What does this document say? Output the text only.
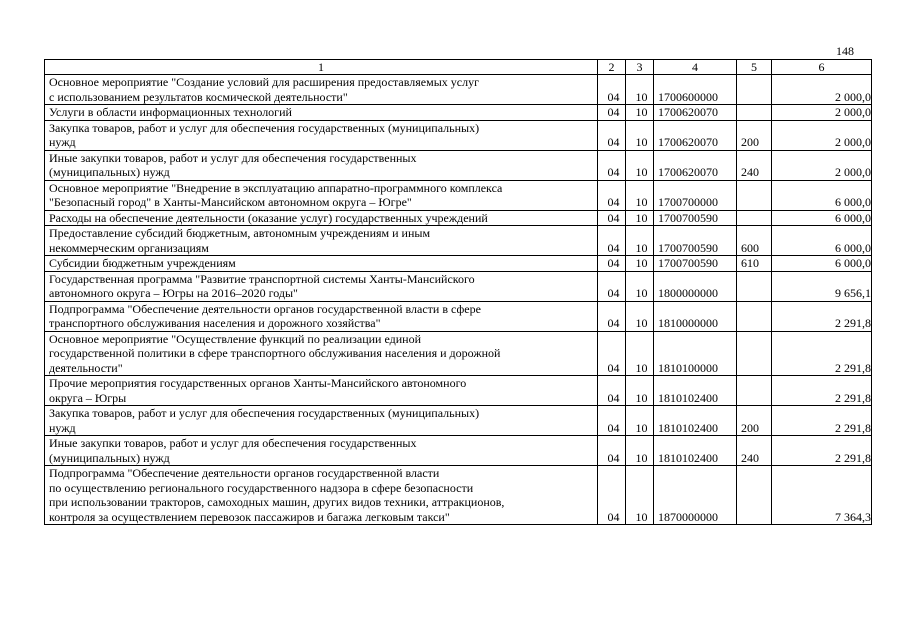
148
1	2	3	4	5	6
Основное мероприятие "Создание условий для расширения предоставляемых услуг
с использованием результатов космической деятельности"	04	10	1700600000		2 000,0
Услуги в области информационных технологий	04	10	1700620070		2 000,0
Закупка товаров, работ и услуг для обеспечения государственных (муниципальных)
нужд	04	10	1700620070	200	2 000,0
Иные закупки товаров, работ и услуг для обеспечения государственных
(муниципальных) нужд	04	10	1700620070	240	2 000,0
Основное мероприятие "Внедрение в эксплуатацию аппаратно-программного комплекса
"Безопасный город" в Ханты-Мансийском автономном округа – Югре"	04	10	1700700000		6 000,0
Расходы на обеспечение деятельности (оказание услуг) государственных учреждений	04	10	1700700590		6 000,0
Предоставление субсидий бюджетным, автономным учреждениям и иным
некоммерческим организациям	04	10	1700700590	600	6 000,0
Субсидии бюджетным учреждениям	04	10	1700700590	610	6 000,0
Государственная программа "Развитие транспортной системы Ханты-Мансийского
автономного округа – Югры на 2016–2020 годы"	04	10	1800000000		9 656,1
Подпрограмма "Обеспечение деятельности органов государственной власти в сфере
транспортного обслуживания населения и дорожного хозяйства"	04	10	1810000000		2 291,8
Основное мероприятие "Осуществление функций по реализации единой
государственной политики в сфере транспортного обслуживания населения и дорожной
деятельности"	04	10	1810100000		2 291,8
Прочие мероприятия государственных органов Ханты-Мансийского автономного
округа – Югры	04	10	1810102400		2 291,8
Закупка товаров, работ и услуг для обеспечения государственных (муниципальных)
нужд	04	10	1810102400	200	2 291,8
Иные закупки товаров, работ и услуг для обеспечения государственных
(муниципальных) нужд	04	10	1810102400	240	2 291,8
Подпрограмма "Обеспечение деятельности органов государственной власти
по осуществлению регионального государственного надзора в сфере безопасности
при использовании тракторов, самоходных машин, других видов техники, аттракционов,
контроля за осуществлением перевозок пассажиров и багажа легковым такси"	04	10	1870000000		7 364,3
